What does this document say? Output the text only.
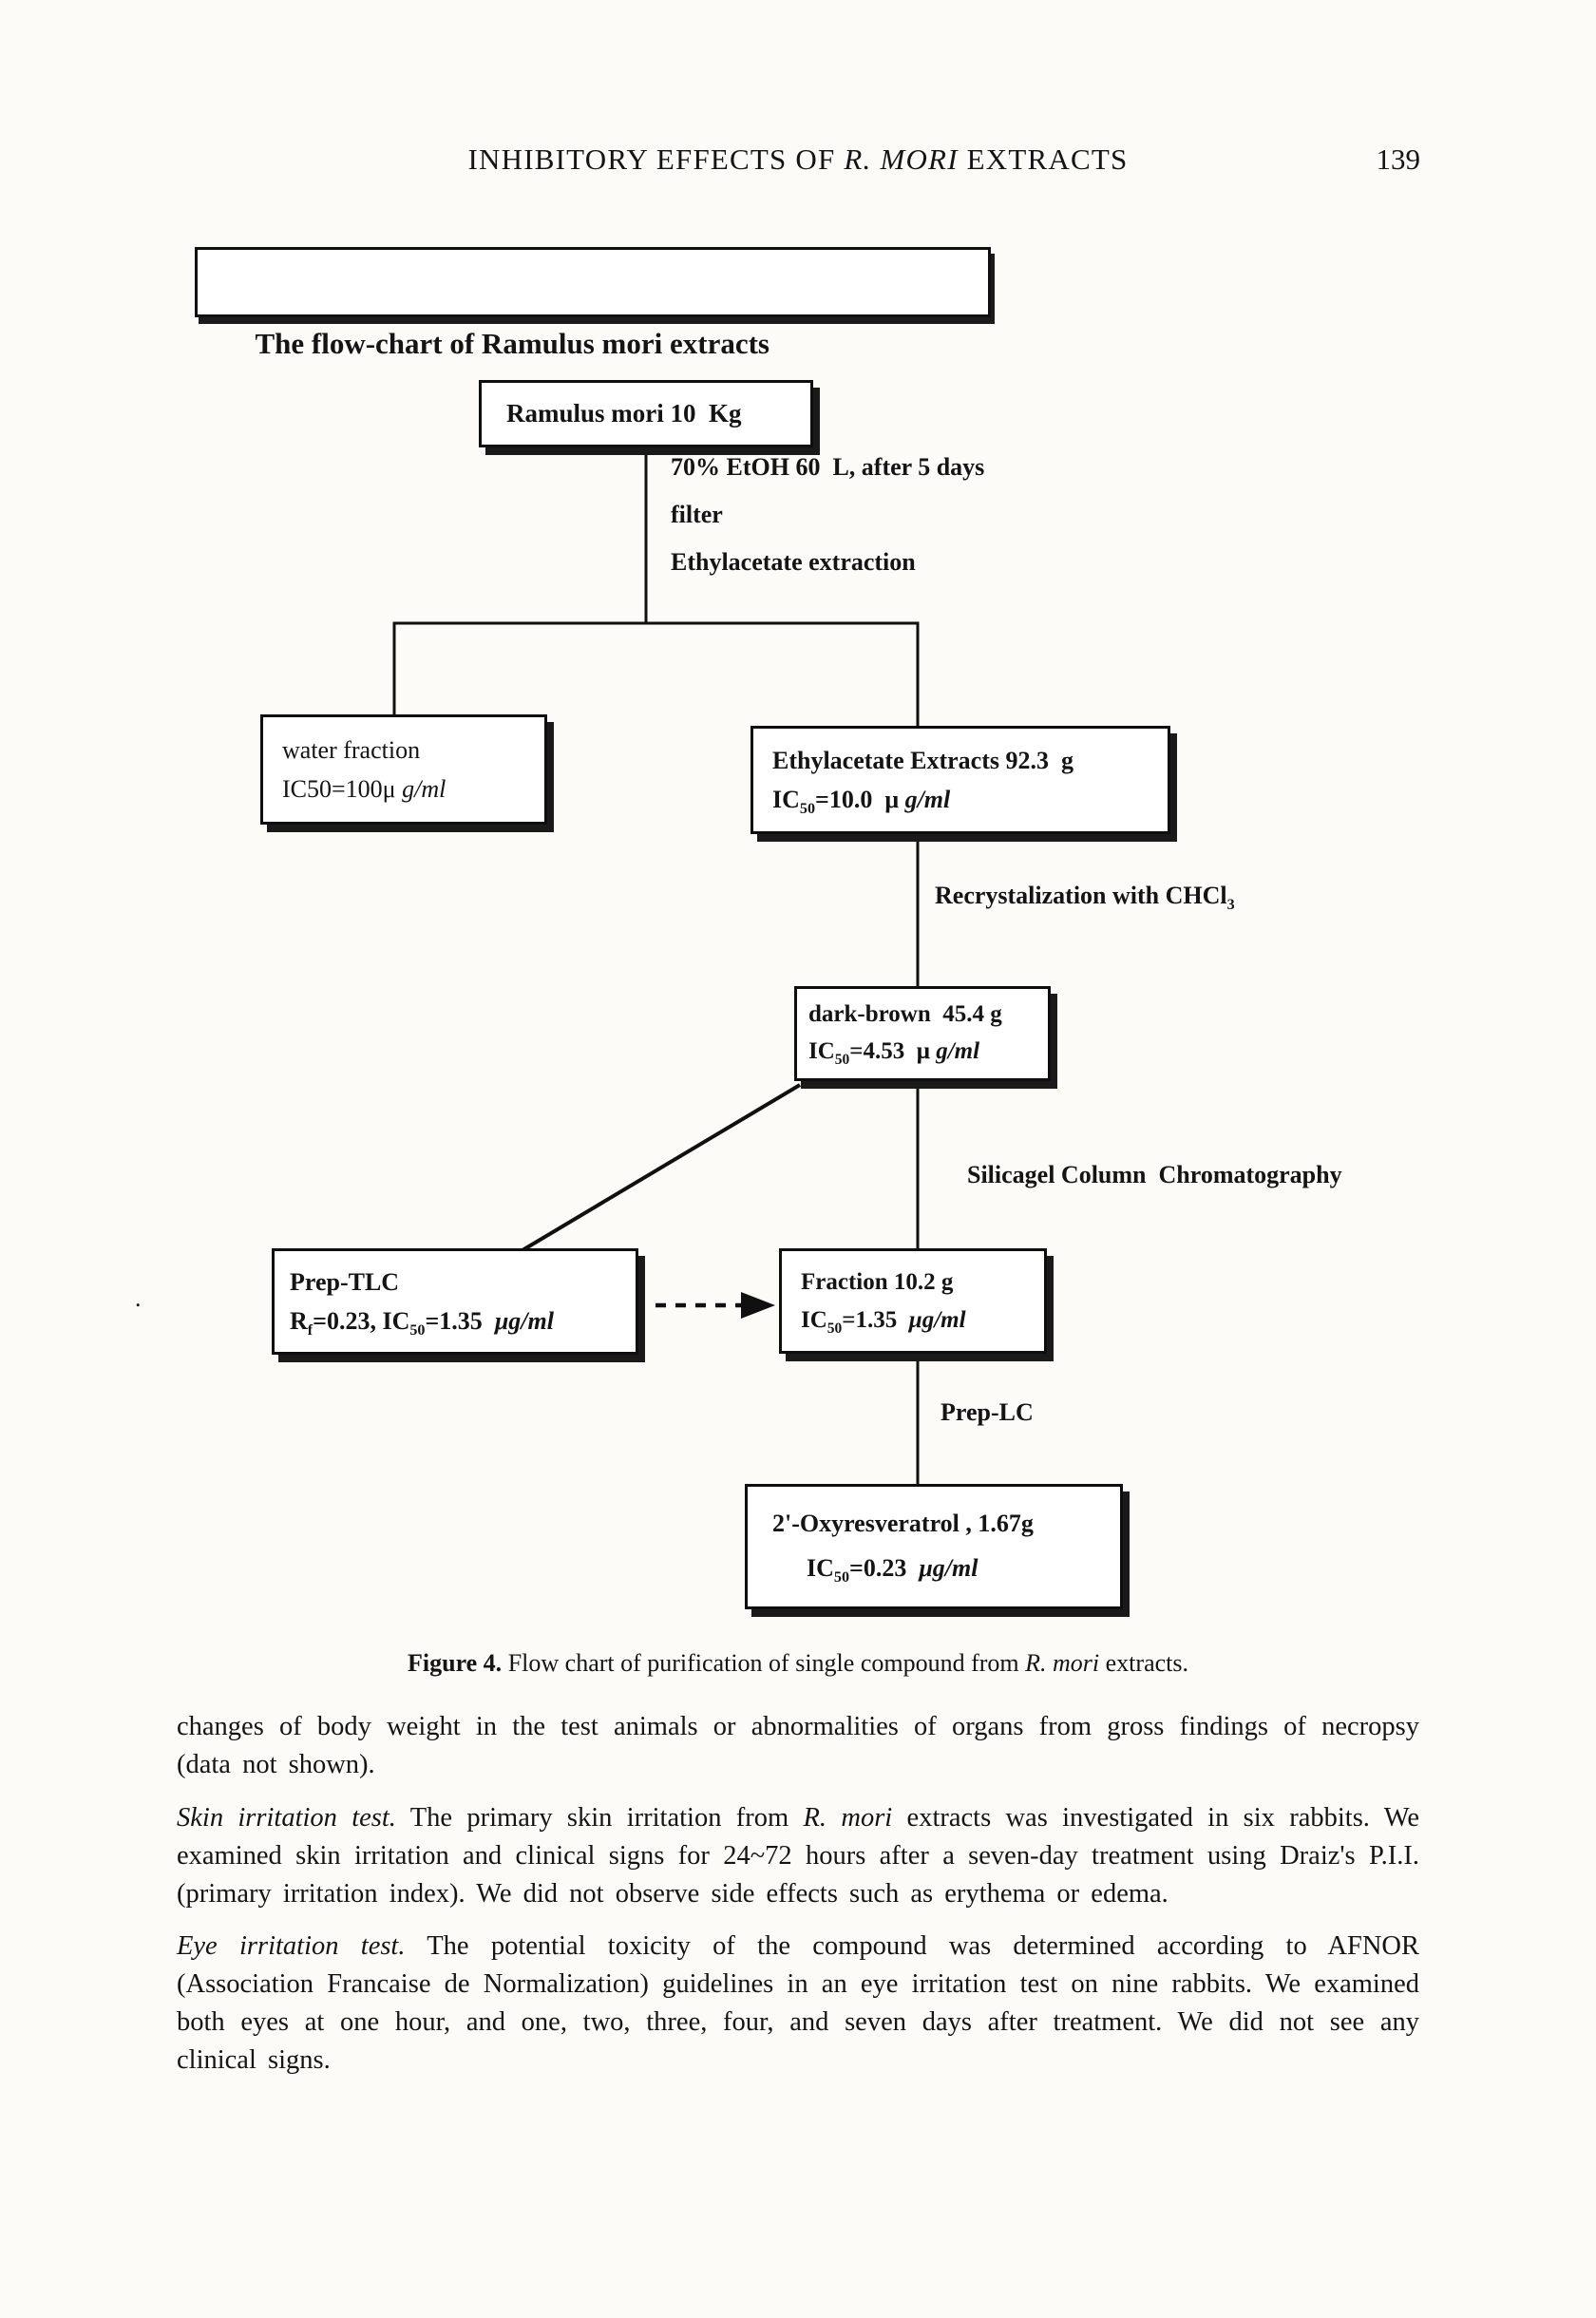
INHIBITORY EFFECTS OF R. MORI EXTRACTS	139

The flow-chart of Ramulus mori extracts

Ramulus mori 10  Kg
70% EtOH 60  L, after 5 days
filter
Ethylacetate extraction
water fraction
IC50=100μ g/ml
Ethylacetate Extracts 92.3  g
$IC_{50}=10.0$  μ g/ml
Recrystalization with CHCl$_3$
dark-brown  45.4 g
$IC_{50}=4.53$  μ g/ml
Silicagel Column  Chromatography
Prep-TLC
$R_f=0.23$, $IC_{50}=1.35$  μg/ml
Fraction 10.2 g
$IC_{50}=1.35$  μg/ml
Prep-LC
2'-Oxyresveratrol , 1.67g
$IC_{50}=0.23$  μg/ml
.
Figure 4. Flow chart of purification of single compound from R. mori extracts.

changes of body weight in the test animals or abnormalities of organs from gross findings of necropsy (data not shown).

Skin irritation test. The primary skin irritation from R. mori extracts was investigated in six rabbits. We examined skin irritation and clinical signs for 24~72 hours after a seven-day treatment using Draiz's P.I.I. (primary irritation index). We did not observe side effects such as erythema or edema.

Eye irritation test. The potential toxicity of the compound was determined according to AFNOR (Association Francaise de Normalization) guidelines in an eye irritation test on nine rabbits. We examined both eyes at one hour, and one, two, three, four, and seven days after treatment. We did not see any clinical signs.
